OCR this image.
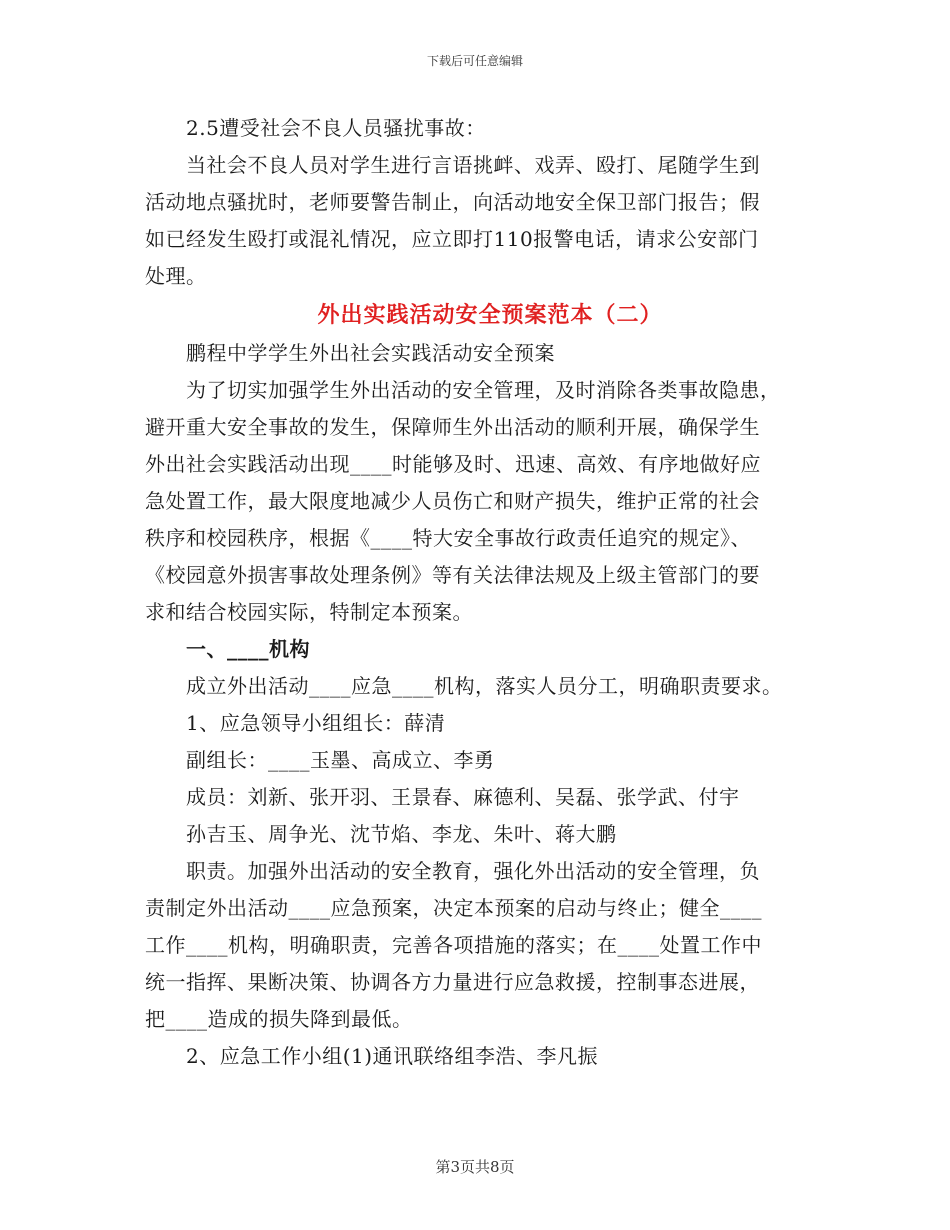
下载后可任意编辑
2.5遭受社会不良人员骚扰事故：
当社会不良人员对学生进行言语挑衅、戏弄、殴打、尾随学生到
活动地点骚扰时，老师要警告制止，向活动地安全保卫部门报告；假
如已经发生殴打或混礼情况，应立即打110报警电话，请求公安部门
处理。
外出实践活动安全预案范本（二）
鹏程中学学生外出社会实践活动安全预案
为了切实加强学生外出活动的安全管理，及时消除各类事故隐患，
避开重大安全事故的发生，保障师生外出活动的顺利开展，确保学生
外出社会实践活动出现____时能够及时、迅速、高效、有序地做好应
急处置工作，最大限度地减少人员伤亡和财产损失，维护正常的社会
秩序和校园秩序，根据《____特大安全事故行政责任追究的规定》、
《校园意外损害事故处理条例》等有关法律法规及上级主管部门的要
求和结合校园实际，特制定本预案。
一、____机构
成立外出活动____应急____机构，落实人员分工，明确职责要求。
1、应急领导小组组长：薛清
副组长：____玉墨、高成立、李勇
成员：刘新、张开羽、王景春、麻德利、吴磊、张学武、付宇
孙吉玉、周争光、沈节焰、李龙、朱叶、蒋大鹏
职责。加强外出活动的安全教育，强化外出活动的安全管理，负
责制定外出活动____应急预案，决定本预案的启动与终止；健全____
工作____机构，明确职责，完善各项措施的落实；在____处置工作中
统一指挥、果断决策、协调各方力量进行应急救援，控制事态进展，
把____造成的损失降到最低。
2、应急工作小组(1)通讯联络组李浩、李凡振
第3页共8页
